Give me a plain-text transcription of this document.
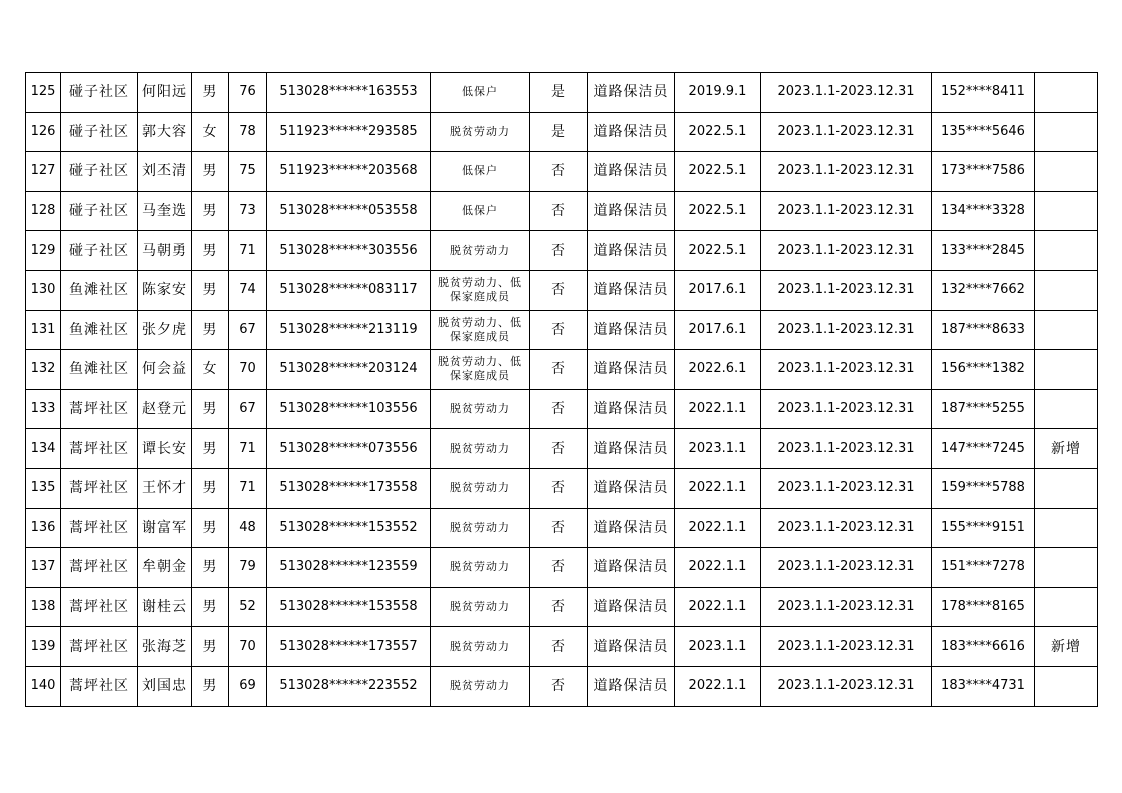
125	碰子社区	何阳远	男	76	513028******163553	低保户	是	道路保洁员	2019.9.1	2023.1.1-2023.12.31	152****8411	
126	碰子社区	郭大容	女	78	511923******293585	脱贫劳动力	是	道路保洁员	2022.5.1	2023.1.1-2023.12.31	135****5646	
127	碰子社区	刘丕清	男	75	511923******203568	低保户	否	道路保洁员	2022.5.1	2023.1.1-2023.12.31	173****7586	
128	碰子社区	马奎选	男	73	513028******053558	低保户	否	道路保洁员	2022.5.1	2023.1.1-2023.12.31	134****3328	
129	碰子社区	马朝勇	男	71	513028******303556	脱贫劳动力	否	道路保洁员	2022.5.1	2023.1.1-2023.12.31	133****2845	
130	鱼滩社区	陈家安	男	74	513028******083117	脱贫劳动力、低保家庭成员	否	道路保洁员	2017.6.1	2023.1.1-2023.12.31	132****7662	
131	鱼滩社区	张夕虎	男	67	513028******213119	脱贫劳动力、低保家庭成员	否	道路保洁员	2017.6.1	2023.1.1-2023.12.31	187****8633	
132	鱼滩社区	何会益	女	70	513028******203124	脱贫劳动力、低保家庭成员	否	道路保洁员	2022.6.1	2023.1.1-2023.12.31	156****1382	
133	蒿坪社区	赵登元	男	67	513028******103556	脱贫劳动力	否	道路保洁员	2022.1.1	2023.1.1-2023.12.31	187****5255	
134	蒿坪社区	谭长安	男	71	513028******073556	脱贫劳动力	否	道路保洁员	2023.1.1	2023.1.1-2023.12.31	147****7245	新增
135	蒿坪社区	王怀才	男	71	513028******173558	脱贫劳动力	否	道路保洁员	2022.1.1	2023.1.1-2023.12.31	159****5788	
136	蒿坪社区	谢富军	男	48	513028******153552	脱贫劳动力	否	道路保洁员	2022.1.1	2023.1.1-2023.12.31	155****9151	
137	蒿坪社区	牟朝金	男	79	513028******123559	脱贫劳动力	否	道路保洁员	2022.1.1	2023.1.1-2023.12.31	151****7278	
138	蒿坪社区	谢桂云	男	52	513028******153558	脱贫劳动力	否	道路保洁员	2022.1.1	2023.1.1-2023.12.31	178****8165	
139	蒿坪社区	张海芝	男	70	513028******173557	脱贫劳动力	否	道路保洁员	2023.1.1	2023.1.1-2023.12.31	183****6616	新增
140	蒿坪社区	刘国忠	男	69	513028******223552	脱贫劳动力	否	道路保洁员	2022.1.1	2023.1.1-2023.12.31	183****4731	
